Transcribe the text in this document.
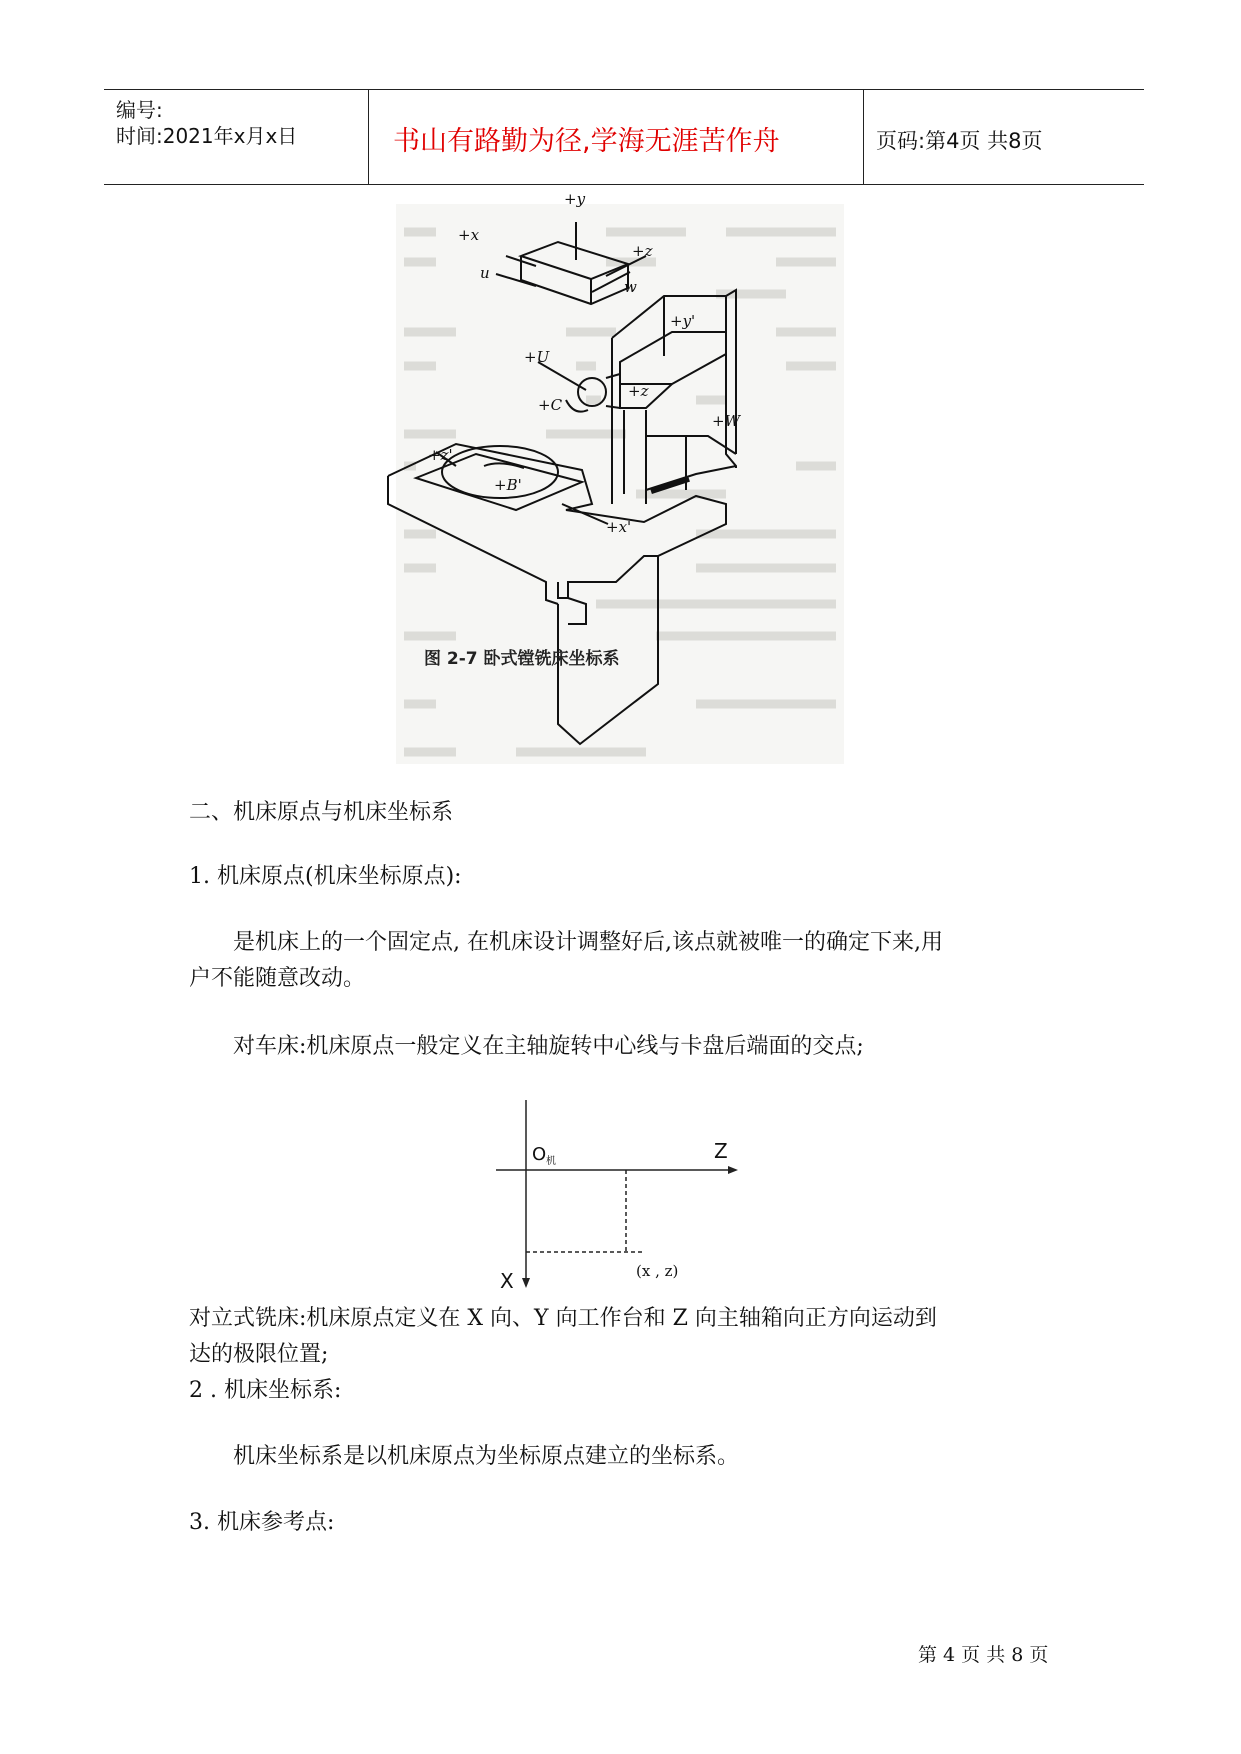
编号:
时间:2021年x月x日	书山有路勤为径,学海无涯苦作舟	页码:第4页 共8页
+y
+x
+z
u
w
+y'
+U
+z
+C
+W
+z'
+B'
+x'
图 2-7 卧式镗铣床坐标系
二、机床原点与机床坐标系
1. 机床原点(机床坐标原点):
是机床上的一个固定点, 在机床设计调整好后,该点就被唯一的确定下来,用
户不能随意改动。
对车床:机床原点一般定义在主轴旋转中心线与卡盘后端面的交点;
O 机	Z
X	(x , z)
对立式铣床:机床原点定义在 X 向、Y 向工作台和 Z 向主轴箱向正方向运动到
达的极限位置;
2 . 机床坐标系:
机床坐标系是以机床原点为坐标原点建立的坐标系。
3. 机床参考点:
第 4 页 共 8 页
